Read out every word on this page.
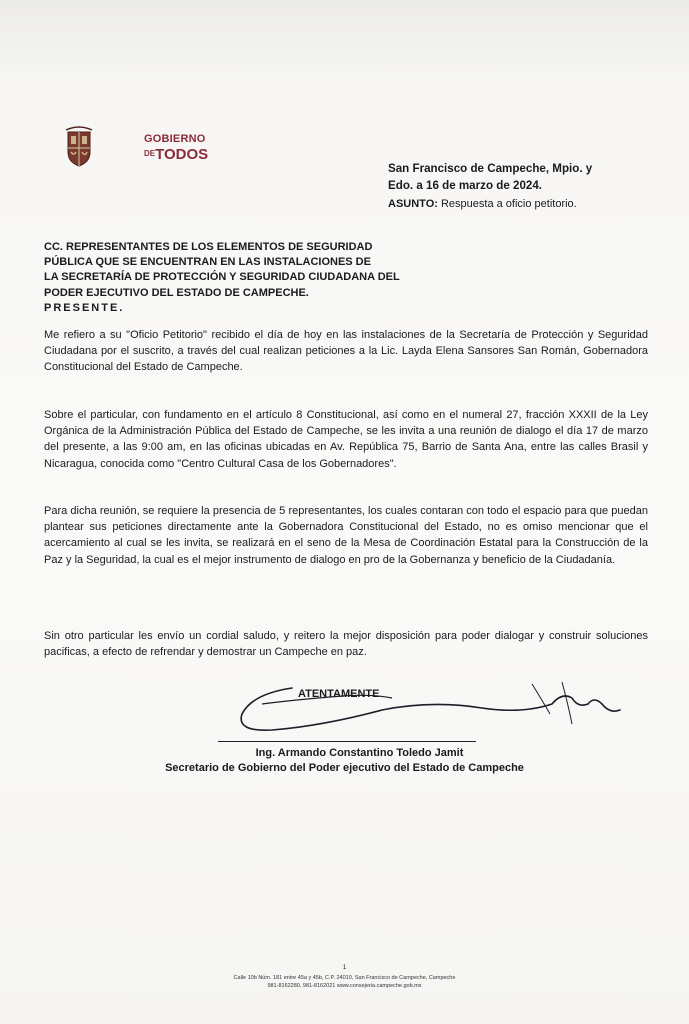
GOBIERNO
$^{DE}$TODOS
San Francisco de Campeche, Mpio. y
Edo. a 16 de marzo de 2024.
ASUNTO: Respuesta a oficio petitorio.
CC. REPRESENTANTES DE LOS ELEMENTOS DE SEGURIDAD
PÚBLICA QUE SE ENCUENTRAN EN LAS INSTALACIONES DE
LA SECRETARÍA DE PROTECCIÓN Y SEGURIDAD CIUDADANA DEL
PODER EJECUTIVO DEL ESTADO DE CAMPECHE.
PRESENTE.
Me refiero a su "Oficio Petitorio" recibido el día de hoy en las instalaciones de la Secretaría de Protección y Seguridad Ciudadana por el suscrito, a través del cual realizan peticiones a la Lic. Layda Elena Sansores San Román, Gobernadora Constitucional del Estado de Campeche.
Sobre el particular, con fundamento en el artículo 8 Constitucional, así como en el numeral 27, fracción XXXII de la Ley Orgánica de la Administración Pública del Estado de Campeche, se les invita a una reunión de dialogo el día 17 de marzo del presente, a las 9:00 am, en las oficinas ubicadas en Av. República 75, Barrio de Santa Ana, entre las calles Brasil y Nicaragua, conocida como "Centro Cultural Casa de los Gobernadores".
Para dicha reunión, se requiere la presencia de 5 representantes, los cuales contaran con todo el espacio para que puedan plantear sus peticiones directamente ante la Gobernadora Constitucional del Estado, no es omiso mencionar que el acercamiento al cual se les invita, se realizará en el seno de la Mesa de Coordinación Estatal para la Construcción de la Paz y la Seguridad, la cual es el mejor instrumento de dialogo en pro de la Gobernanza y beneficio de la Ciudadanía.
Sin otro particular les envío un cordial saludo, y reitero la mejor disposición para poder dialogar y construir soluciones pacificas, a efecto de refrendar y demostrar un Campeche en paz.
ATENTAMENTE
Ing. Armando Constantino Toledo Jamit
Secretario de Gobierno del Poder ejecutivo del Estado de Campeche
1
Calle 10b Núm. 181 entre 45a y 45b, C.P. 24010, San Francisco de Campeche, Campeche
981-8162280, 981-8162021 www.consejeria.campeche.gob.mx
